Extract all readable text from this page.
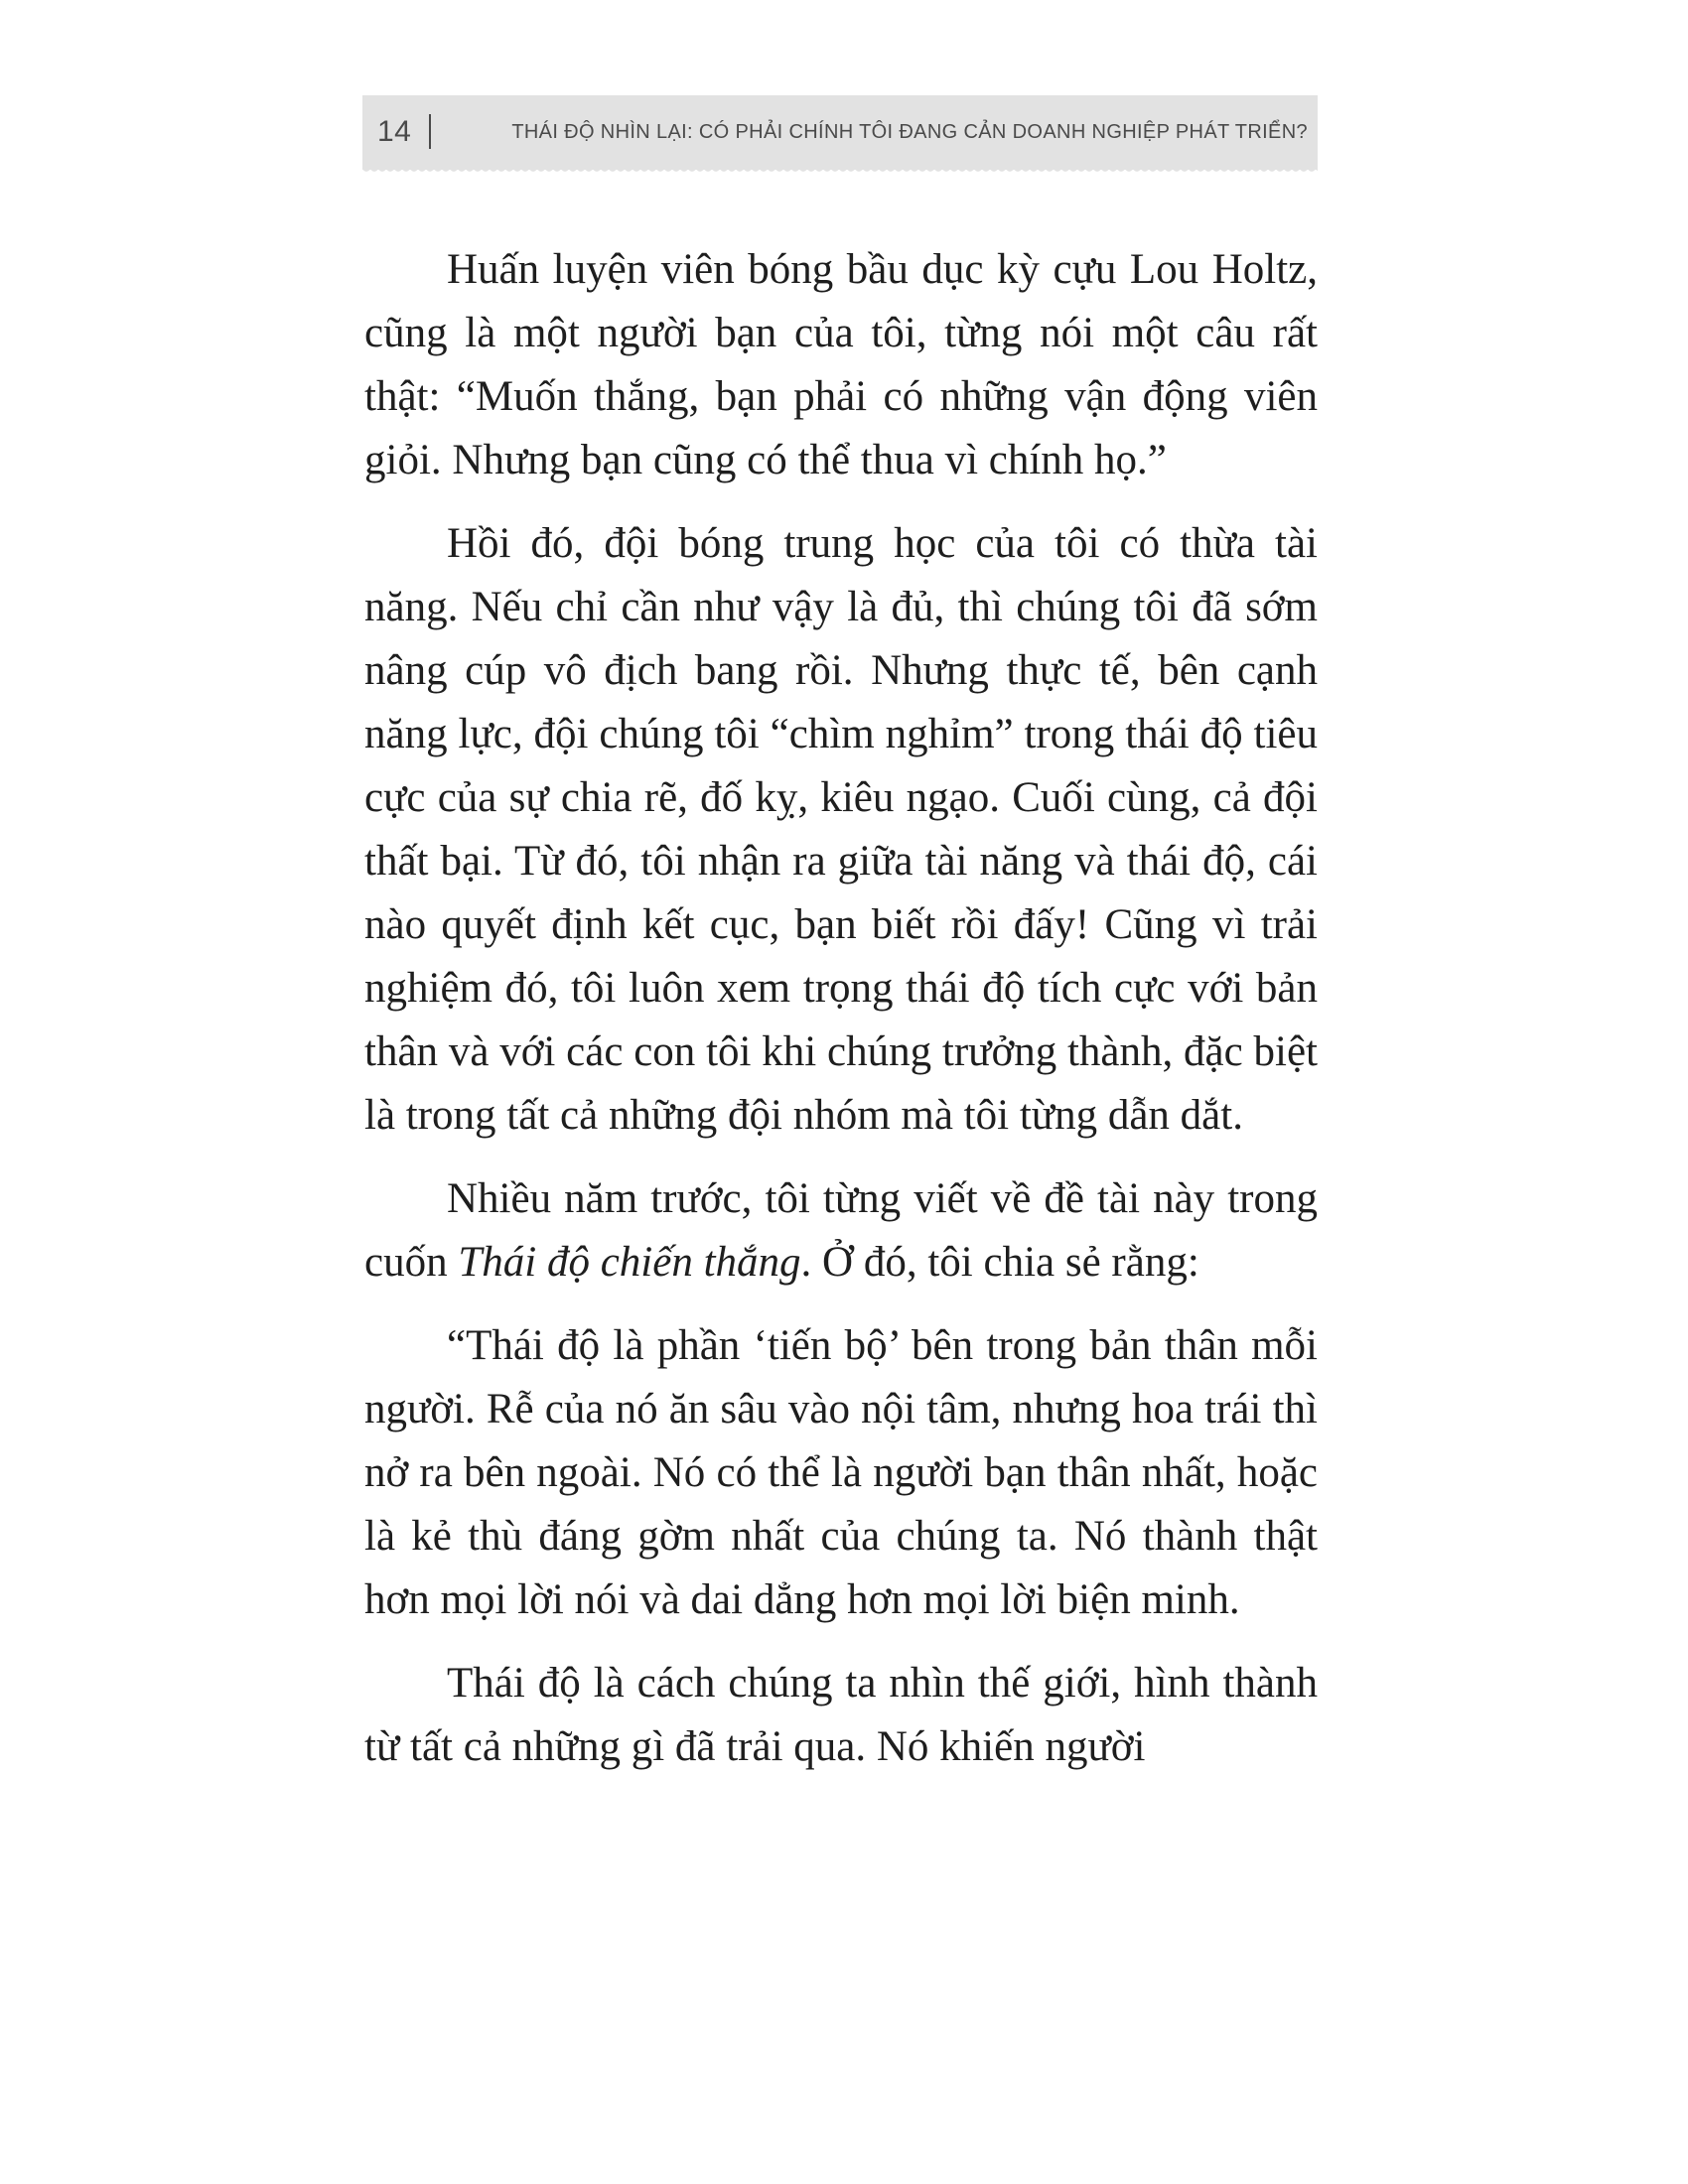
14	THÁI ĐỘ NHÌN LẠI: CÓ PHẢI CHÍNH TÔI ĐANG CẢN DOANH NGHIỆP PHÁT TRIỂN?

Huấn luyện viên bóng bầu dục kỳ cựu Lou Holtz, cũng là một người bạn của tôi, từng nói một câu rất thật: “Muốn thắng, bạn phải có những vận động viên giỏi. Nhưng bạn cũng có thể thua vì chính họ.”

Hồi đó, đội bóng trung học của tôi có thừa tài năng. Nếu chỉ cần như vậy là đủ, thì chúng tôi đã sớm nâng cúp vô địch bang rồi. Nhưng thực tế, bên cạnh năng lực, đội chúng tôi “chìm nghỉm” trong thái độ tiêu cực của sự chia rẽ, đố kỵ, kiêu ngạo. Cuối cùng, cả đội thất bại. Từ đó, tôi nhận ra giữa tài năng và thái độ, cái nào quyết định kết cục, bạn biết rồi đấy! Cũng vì trải nghiệm đó, tôi luôn xem trọng thái độ tích cực với bản thân và với các con tôi khi chúng trưởng thành, đặc biệt là trong tất cả những đội nhóm mà tôi từng dẫn dắt.

Nhiều năm trước, tôi từng viết về đề tài này trong cuốn Thái độ chiến thắng. Ở đó, tôi chia sẻ rằng:

“Thái độ là phần ‘tiến bộ’ bên trong bản thân mỗi người. Rễ của nó ăn sâu vào nội tâm, nhưng hoa trái thì nở ra bên ngoài. Nó có thể là người bạn thân nhất, hoặc là kẻ thù đáng gờm nhất của chúng ta. Nó thành thật hơn mọi lời nói và dai dẳng hơn mọi lời biện minh.

Thái độ là cách chúng ta nhìn thế giới, hình thành từ tất cả những gì đã trải qua. Nó khiến người
